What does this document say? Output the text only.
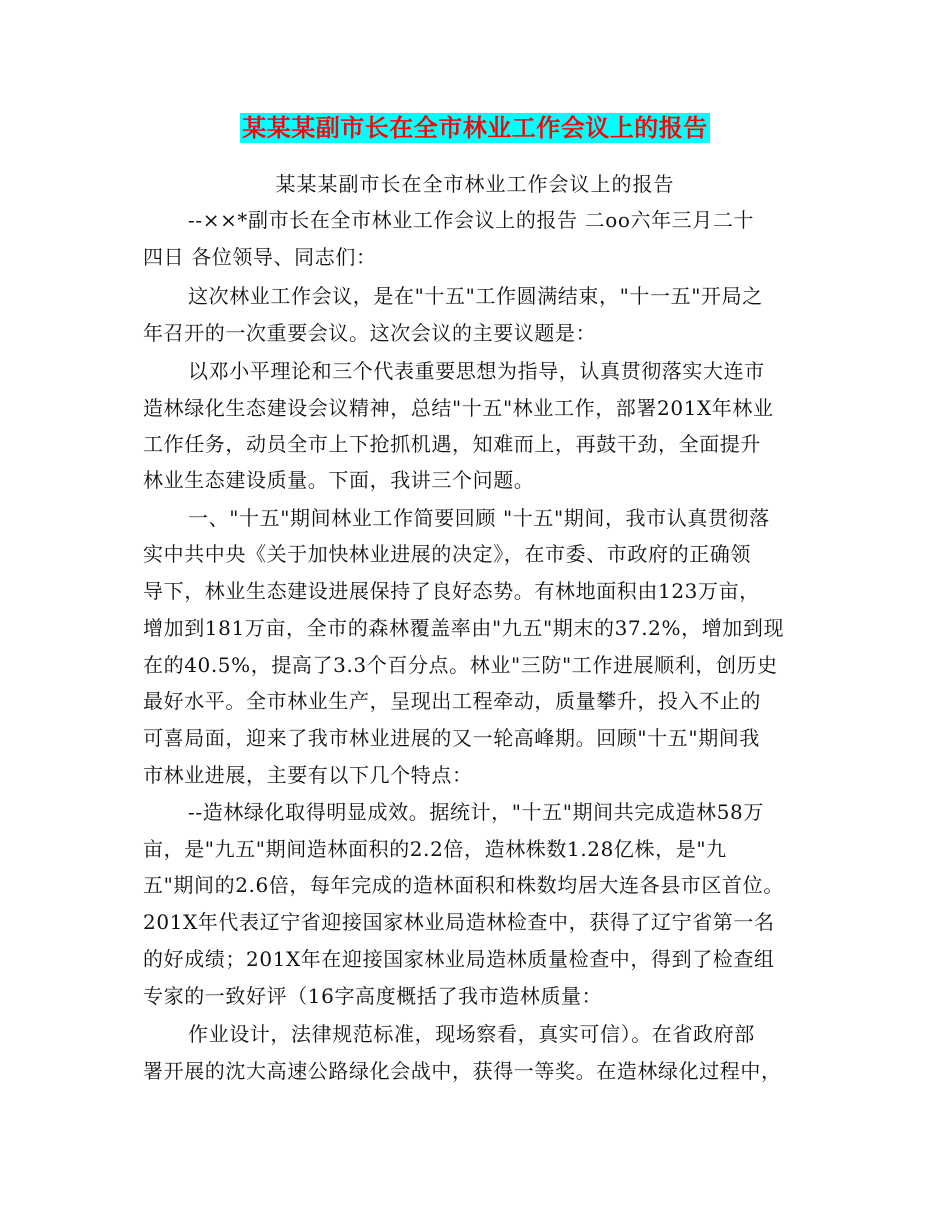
某某某副市长在全市林业工作会议上的报告
某某某副市长在全市林业工作会议上的报告
--××*副市长在全市林业工作会议上的报告 二oo六年三月二十
四日 各位领导、同志们：
这次林业工作会议，是在"十五"工作圆满结束，"十一五"开局之
年召开的一次重要会议。这次会议的主要议题是：
以邓小平理论和三个代表重要思想为指导，认真贯彻落实大连市
造林绿化生态建设会议精神，总结"十五"林业工作，部署201X年林业
工作任务，动员全市上下抢抓机遇，知难而上，再鼓干劲，全面提升
林业生态建设质量。下面，我讲三个问题。
一、"十五"期间林业工作简要回顾 "十五"期间，我市认真贯彻落
实中共中央《关于加快林业进展的决定》，在市委、市政府的正确领
导下，林业生态建设进展保持了良好态势。有林地面积由123万亩，
增加到181万亩，全市的森林覆盖率由"九五"期末的37.2%，增加到现
在的40.5%，提高了3.3个百分点。林业"三防"工作进展顺利，创历史
最好水平。全市林业生产，呈现出工程牵动，质量攀升，投入不止的
可喜局面，迎来了我市林业进展的又一轮高峰期。回顾"十五"期间我
市林业进展，主要有以下几个特点：
--造林绿化取得明显成效。据统计，"十五"期间共完成造林58万
亩，是"九五"期间造林面积的2.2倍，造林株数1.28亿株，是"九
五"期间的2.6倍，每年完成的造林面积和株数均居大连各县市区首位。
201X年代表辽宁省迎接国家林业局造林检查中，获得了辽宁省第一名
的好成绩；201X年在迎接国家林业局造林质量检查中，得到了检查组
专家的一致好评（16字高度概括了我市造林质量：
作业设计，法律规范标准，现场察看，真实可信）。在省政府部
署开展的沈大高速公路绿化会战中，获得一等奖。在造林绿化过程中，
